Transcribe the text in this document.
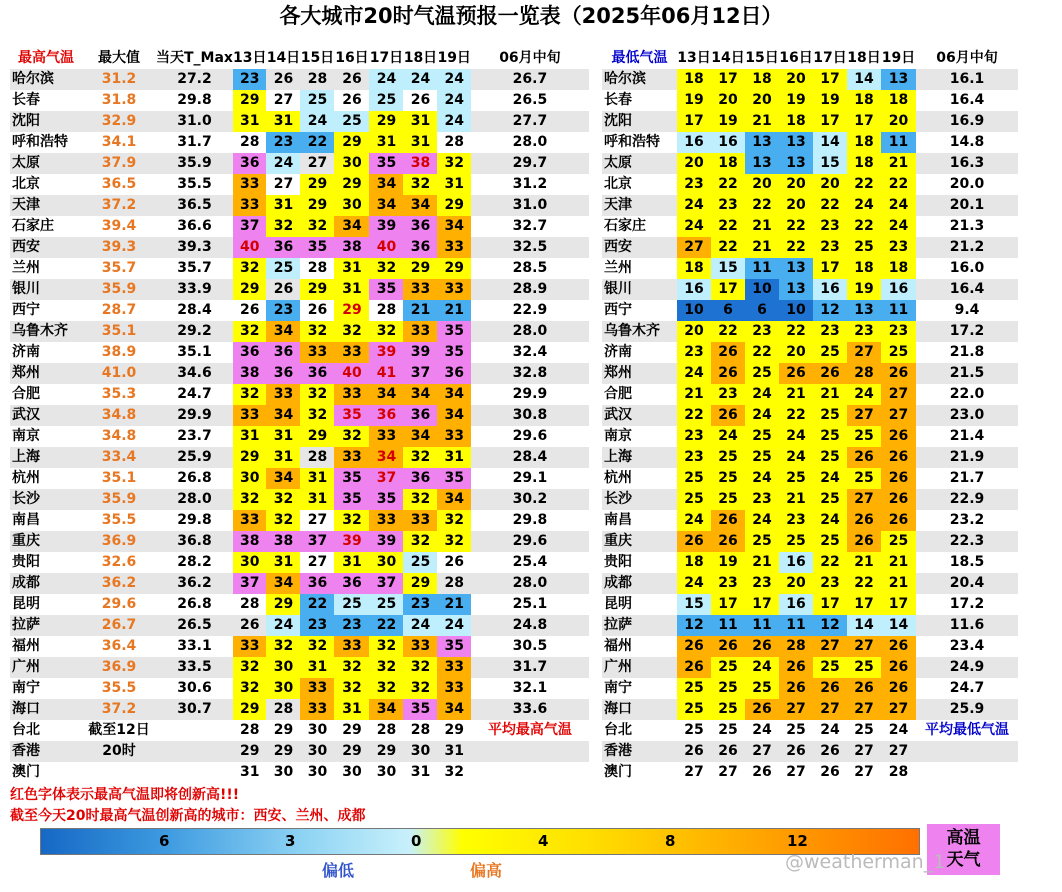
各大城市20时气温预报一览表（2025年06月12日）
最高气温	最大值	当天T_Max	13日	14日	15日	16日	17日	18日	19日	06月中旬
哈尔滨	31.2	27.2	23	26	28	26	24	24	24	26.7
长春	31.8	29.8	29	27	25	26	25	26	24	26.5
沈阳	32.9	31.0	31	31	24	25	29	31	24	27.7
呼和浩特	34.1	31.7	28	23	22	29	31	31	28	28.0
太原	37.9	35.9	36	24	27	30	35	38	32	29.7
北京	36.5	35.5	33	27	29	29	34	32	31	31.2
天津	37.2	36.5	33	31	29	30	34	34	29	31.0
石家庄	39.4	36.6	37	32	32	34	39	36	34	32.7
西安	39.3	39.3	40	36	35	38	40	36	33	32.5
兰州	35.7	35.7	32	25	28	31	32	29	29	28.5
银川	35.9	33.9	29	26	29	31	35	33	33	28.9
西宁	28.7	28.4	26	23	26	29	28	21	21	22.9
乌鲁木齐	35.1	29.2	32	34	32	32	32	33	35	28.0
济南	38.9	35.1	36	36	33	33	39	39	35	32.4
郑州	41.0	34.6	38	36	36	40	41	37	36	32.8
合肥	35.3	24.7	32	33	32	33	34	34	34	29.9
武汉	34.8	29.9	33	34	32	35	36	36	34	30.8
南京	34.8	23.7	31	31	29	32	33	34	33	29.6
上海	33.4	25.9	29	31	28	33	34	32	31	28.4
杭州	35.1	26.8	30	34	31	35	37	36	35	29.1
长沙	35.9	28.0	32	32	31	35	35	32	34	30.2
南昌	35.5	29.8	33	32	27	32	33	33	32	29.8
重庆	36.9	36.8	38	38	37	39	39	32	32	29.6
贵阳	32.6	28.2	30	31	27	31	30	25	26	25.4
成都	36.2	36.2	37	34	36	36	37	29	28	28.0
昆明	29.6	26.8	28	29	22	25	25	23	21	25.1
拉萨	26.7	26.5	26	24	23	23	22	24	24	24.8
福州	36.4	33.1	33	32	32	33	32	33	35	30.5
广州	36.9	33.5	32	30	31	32	32	32	33	31.7
南宁	35.5	30.6	32	30	33	32	32	32	33	32.1
海口	37.2	30.7	29	28	33	31	34	35	34	33.6
台北	截至12日		28	29	30	29	28	28	29	平均最高气温
香港	20时		29	29	30	29	29	30	31	
澳门			31	30	30	30	30	31	32	
最低气温	13日	14日	15日	16日	17日	18日	19日	06月中旬
哈尔滨	18	17	18	20	17	14	13	16.1
长春	19	20	20	19	19	18	18	16.4
沈阳	17	19	21	18	17	17	20	16.9
呼和浩特	16	16	13	13	14	18	11	14.8
太原	20	18	13	13	15	18	21	16.3
北京	23	22	20	20	20	22	22	20.0
天津	24	23	22	20	22	24	24	20.1
石家庄	24	22	21	22	23	22	24	21.3
西安	27	22	21	22	23	25	23	21.2
兰州	18	15	11	13	17	18	18	16.0
银川	16	17	10	13	16	19	16	16.4
西宁	10	6	6	10	12	13	11	9.4
乌鲁木齐	20	22	23	22	23	23	23	17.2
济南	23	26	22	20	25	27	25	21.8
郑州	24	26	25	26	26	28	26	21.5
合肥	21	23	24	21	21	24	27	22.0
武汉	22	26	24	22	25	27	27	23.0
南京	23	24	25	24	25	25	26	21.4
上海	23	25	25	24	25	26	26	21.9
杭州	25	25	24	25	24	25	26	21.7
长沙	25	25	23	21	25	27	26	22.9
南昌	24	26	24	23	24	26	26	23.2
重庆	26	26	25	25	25	26	25	22.3
贵阳	18	19	21	16	22	21	21	18.5
成都	24	23	23	20	23	22	21	20.4
昆明	15	17	17	16	17	17	17	17.2
拉萨	12	11	11	11	12	14	14	11.6
福州	26	26	26	28	27	27	26	23.4
广州	26	25	24	26	25	25	26	24.9
南宁	25	25	25	26	26	26	26	24.7
海口	25	25	26	27	27	27	27	25.9
台北	25	25	24	25	24	25	24	平均最低气温
香港	26	26	27	26	26	27	27	
澳门	27	27	26	27	26	27	28	
红色字体表示最高气温即将创新高!!!
截至今天20时最高气温创新高的城市：西安、兰州、成都
6	3	0	4	8	12	高温
天气
偏低	偏高	@weatherman_1
